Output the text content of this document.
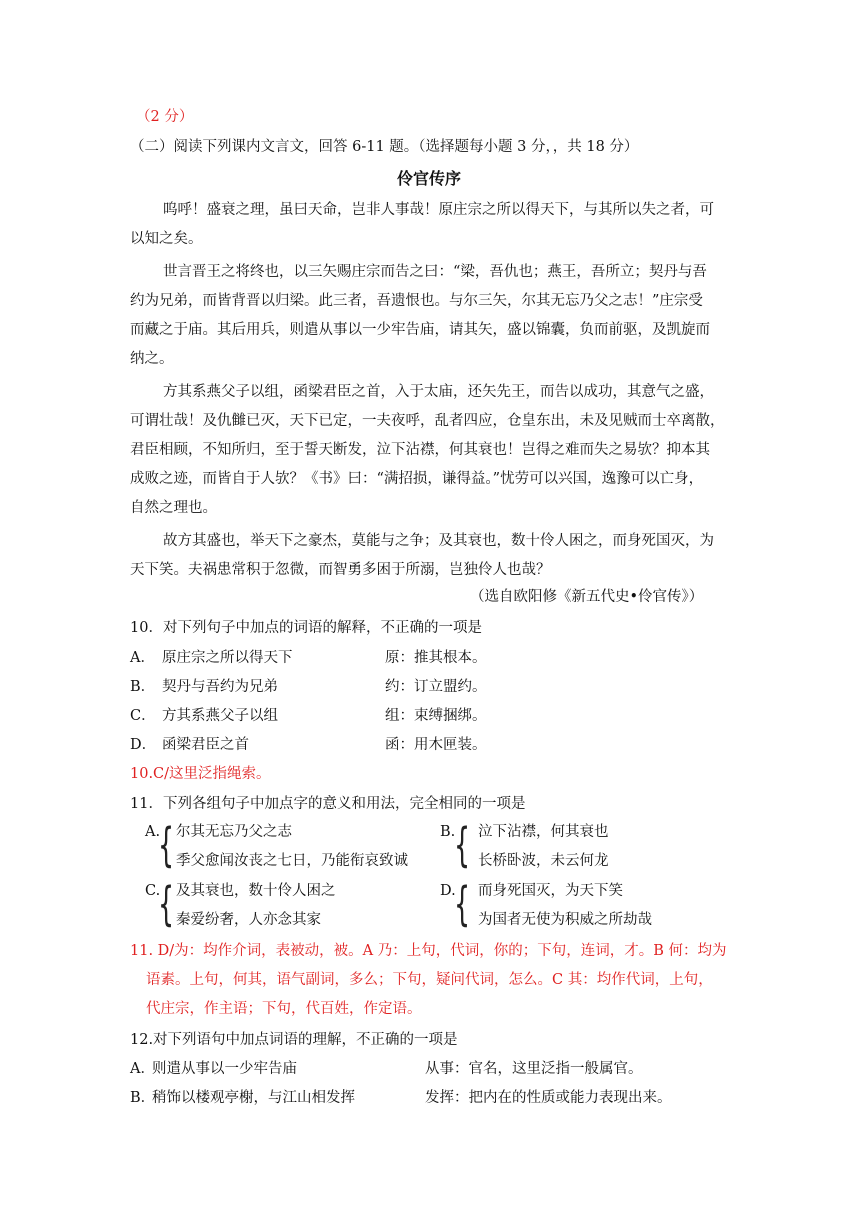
（2 分）
（二）阅读下列课内文言文，回答 6-11 题。（选择题每小题 3 分，，共 18 分）
伶官传序
呜呼！盛衰之理，虽曰天命，岂非人事哉！原庄宗之所以得天下，与其所以失之者，可
以知之矣。
世言晋王之将终也，以三矢赐庄宗而告之曰：“梁，吾仇也；燕王，吾所立；契丹与吾
约为兄弟，而皆背晋以归梁。此三者，吾遗恨也。与尔三矢，尔其无忘乃父之志！”庄宗受
而藏之于庙。其后用兵，则遣从事以一少牢告庙，请其矢，盛以锦囊，负而前驱，及凯旋而
纳之。
方其系燕父子以组，函梁君臣之首，入于太庙，还矢先王，而告以成功，其意气之盛，
可谓壮哉！及仇雠已灭，天下已定，一夫夜呼，乱者四应，仓皇东出，未及见贼而士卒离散，
君臣相顾，不知所归，至于誓天断发，泣下沾襟，何其衰也！岂得之难而失之易欤？抑本其
成败之迹，而皆自于人欤？《书》曰：“满招损，谦得益。”忧劳可以兴国，逸豫可以亡身，
自然之理也。
故方其盛也，举天下之豪杰，莫能与之争；及其衰也，数十伶人困之，而身死国灭，为
天下笑。夫祸患常积于忽微，而智勇多困于所溺，岂独伶人也哉？
（选自欧阳修《新五代史•伶官传》）
10．对下列句子中加点的词语的解释，不正确的一项是
A． 原庄宗之所以得天下	原：推其根本。
B． 契丹与吾约为兄弟	约：订立盟约。
C． 方其系燕父子以组	组：束缚捆绑。
D． 函梁君臣之首	函：用木匣装。
10.C/这里泛指绳索。
11．下列各组句子中加点字的意义和用法，完全相同的一项是
A.
{ 尔其无忘乃父之志
季父愈闻汝丧之七日，乃能衔哀致诚
B.
{ 泣下沾襟，何其衰也
长桥卧波，未云何龙
C.
{ 及其衰也，数十伶人困之
秦爱纷奢，人亦念其家
D.
{ 而身死国灭，为天下笑
为国者无使为积威之所劫哉
11. D/为：均作介词，表被动，被。A 乃：上句，代词，你的；下句，连词，才。B 何：均为
语素。上句，何其，语气副词，多么；下句，疑问代词，怎么。C 其：均作代词，上句，
代庄宗，作主语；下句，代百姓，作定语。
12.对下列语句中加点词语的理解，不正确的一项是
A．
则遣从事以一少牢告庙	从事：官名，这里泛指一般属官。
B．
稍饰以楼观亭榭，与江山相发挥	发挥：把内在的性质或能力表现出来。
